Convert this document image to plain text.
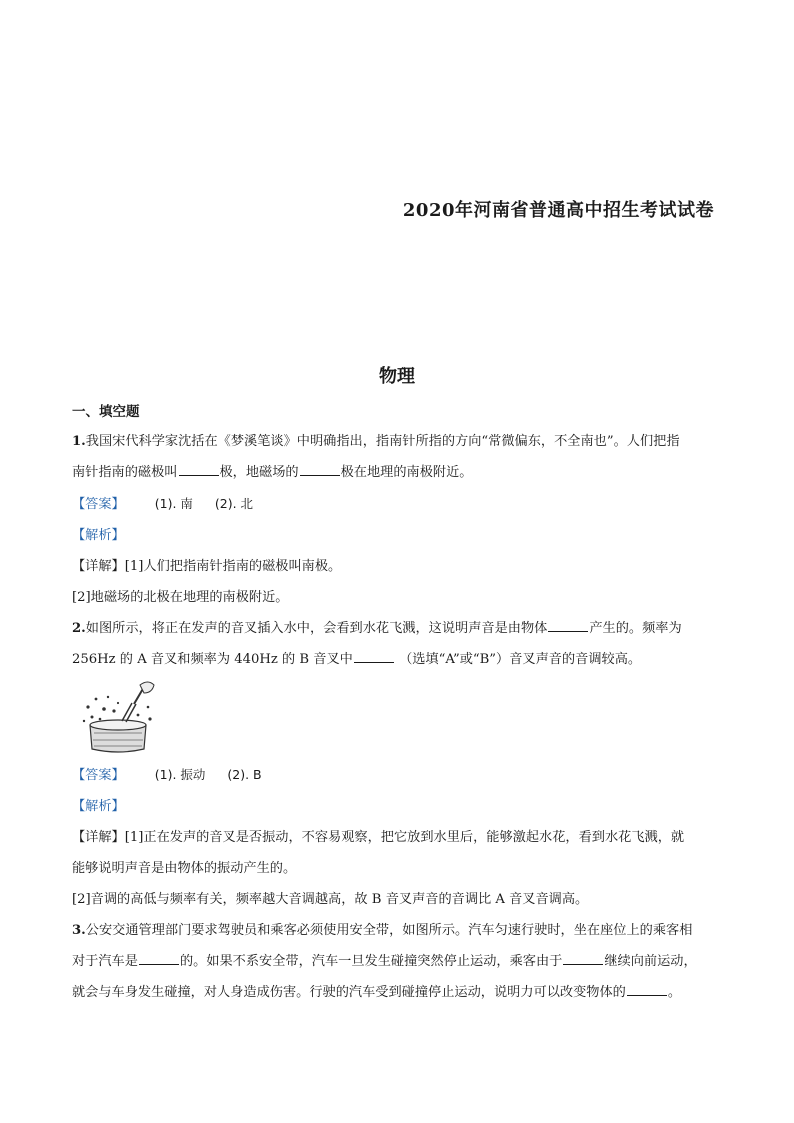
2020年河南省普通高中招生考试试卷
物理
一、填空题

1.我国宋代科学家沈括在《梦溪笔谈》中明确指出，指南针所指的方向“常微偏东，不全南也”。人们把指

南针指南的磁极叫	极，地磁场的	极在地理的南极附近。

【答案】 (1). 南 (2). 北

【解析】

【详解】[1]人们把指南针指南的磁极叫南极。

[2]地磁场的北极在地理的南极附近。

2.如图所示，将正在发声的音叉插入水中，会看到水花飞溅，这说明声音是由物体	产生的。频率为

256Hz 的 A 音叉和频率为 440Hz 的 B 音叉中	（选填“A”或“B”）音叉声音的音调较高。

【答案】 (1). 振动 (2). B

【解析】

【详解】[1]正在发声的音叉是否振动，不容易观察，把它放到水里后，能够激起水花，看到水花飞溅，就

能够说明声音是由物体的振动产生的。

[2]音调的高低与频率有关，频率越大音调越高，故 B 音叉声音的音调比 A 音叉音调高。

3.公安交通管理部门要求驾驶员和乘客必须使用安全带，如图所示。汽车匀速行驶时，坐在座位上的乘客相

对于汽车是	的。如果不系安全带，汽车一旦发生碰撞突然停止运动，乘客由于	继续向前运动，

就会与车身发生碰撞，对人身造成伤害。行驶的汽车受到碰撞停止运动，说明力可以改变物体的	。
